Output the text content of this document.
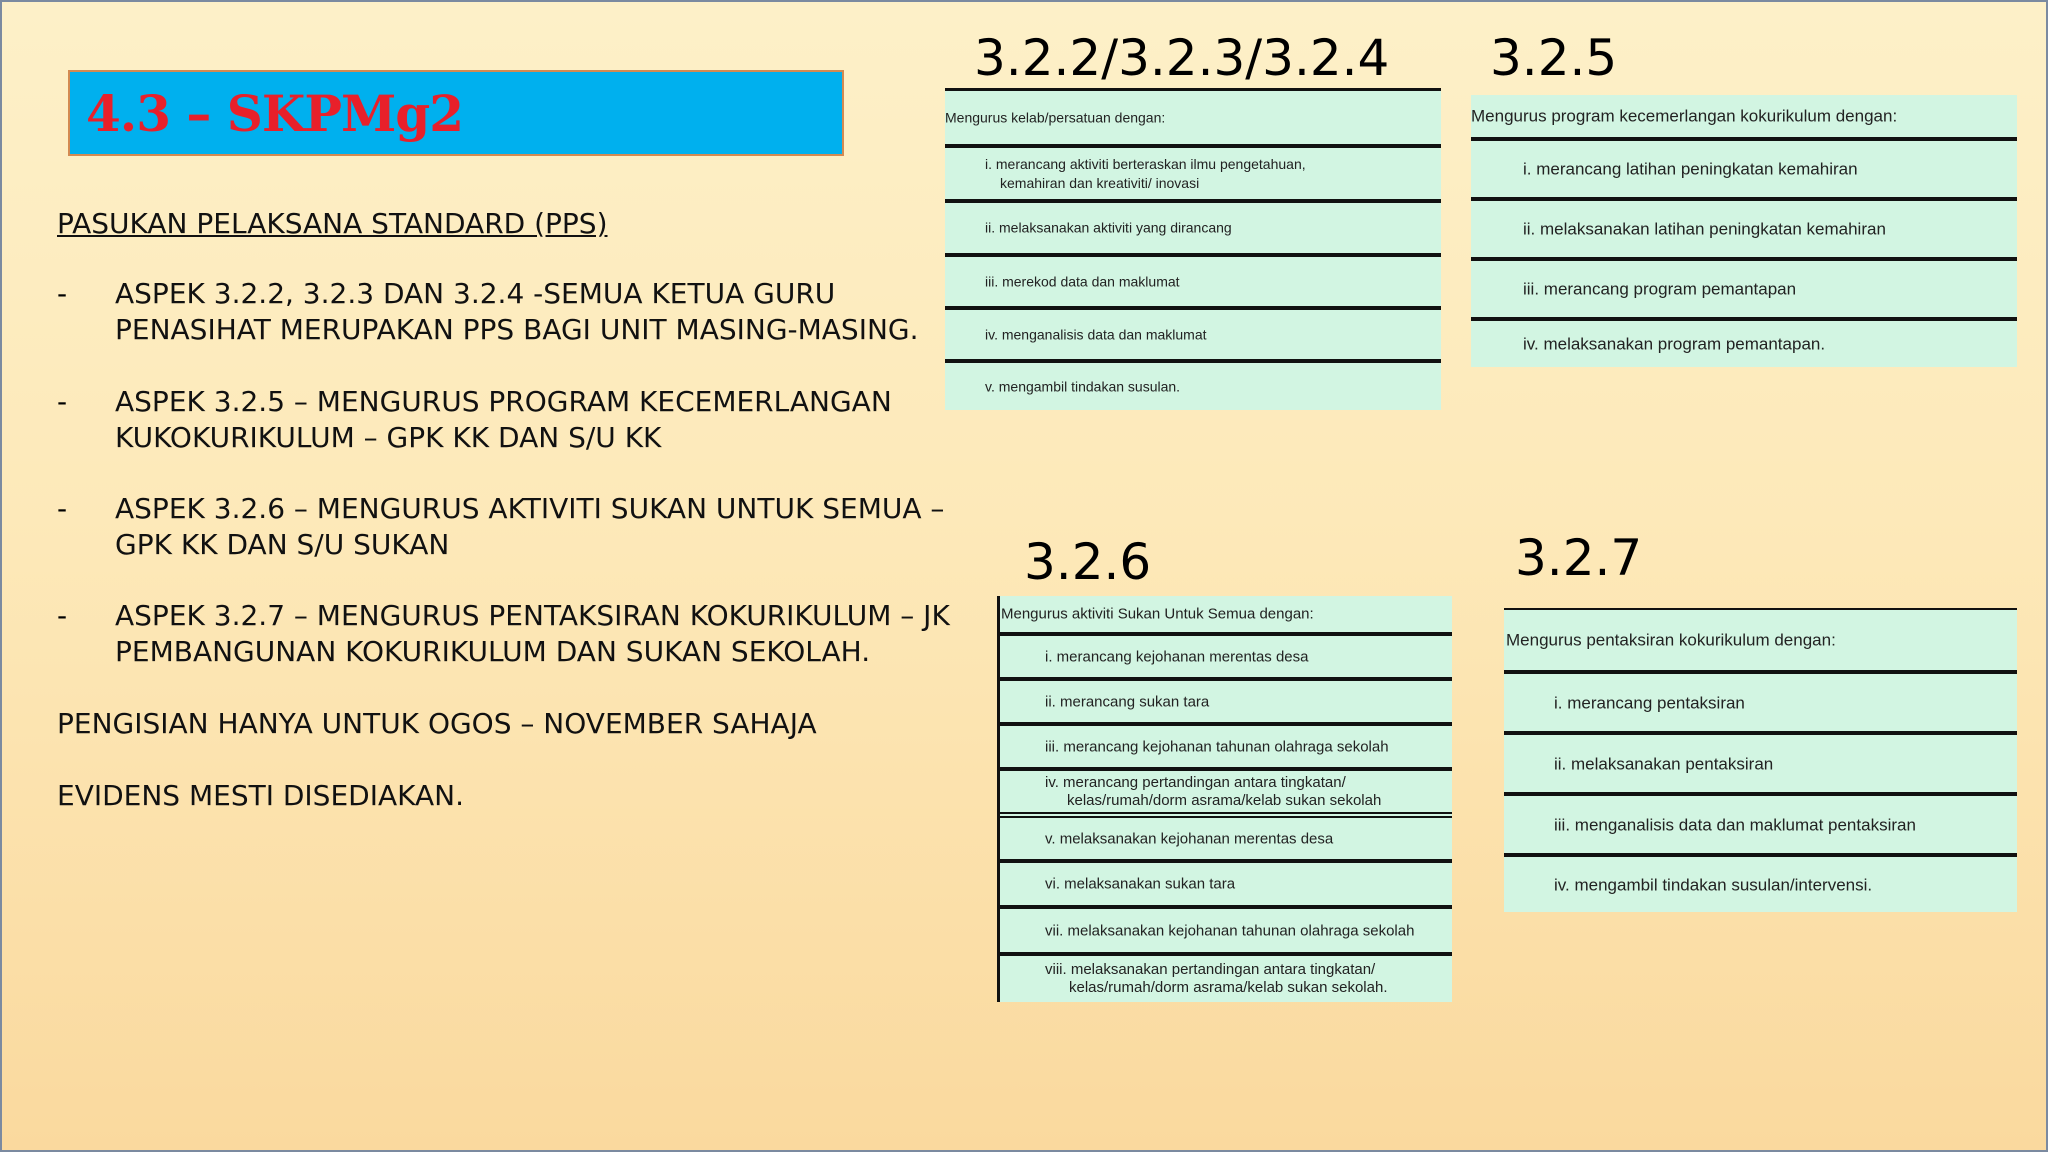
4.3 – SKPMg2
PASUKAN PELAKSANA STANDARD (PPS)
- ASPEK 3.2.2, 3.2.3 DAN 3.2.4 -SEMUA KETUA GURU
PENASIHAT MERUPAKAN PPS BAGI UNIT MASING-MASING.
- ASPEK 3.2.5 – MENGURUS PROGRAM KECEMERLANGAN
KUKOKURIKULUM – GPK KK DAN S/U KK
- ASPEK 3.2.6 – MENGURUS AKTIVITI SUKAN UNTUK SEMUA –
GPK KK DAN S/U SUKAN
- ASPEK 3.2.7 – MENGURUS PENTAKSIRAN KOKURIKULUM – JK
PEMBANGUNAN KOKURIKULUM DAN SUKAN SEKOLAH.
PENGISIAN HANYA UNTUK OGOS – NOVEMBER SAHAJA
EVIDENS MESTI DISEDIAKAN.
3.2.2/3.2.3/3.2.4
Mengurus kelab/persatuan dengan:
i. merancang aktiviti berteraskan ilmu pengetahuan,
kemahiran dan kreativiti/ inovasi
ii. melaksanakan aktiviti yang dirancang
iii. merekod data dan maklumat
iv. menganalisis data dan maklumat
v. mengambil tindakan susulan.
3.2.5
Mengurus program kecemerlangan kokurikulum dengan:
i. merancang latihan peningkatan kemahiran
ii. melaksanakan latihan peningkatan kemahiran
iii. merancang program pemantapan
iv. melaksanakan program pemantapan.
3.2.6
Mengurus aktiviti Sukan Untuk Semua dengan:
i. merancang kejohanan merentas desa
ii. merancang sukan tara
iii. merancang kejohanan tahunan olahraga sekolah
iv. merancang pertandingan antara tingkatan/
kelas/rumah/dorm asrama/kelab sukan sekolah
v. melaksanakan kejohanan merentas desa
vi. melaksanakan sukan tara
vii. melaksanakan kejohanan tahunan olahraga sekolah
viii. melaksanakan pertandingan antara tingkatan/
kelas/rumah/dorm asrama/kelab sukan sekolah.
3.2.7
Mengurus pentaksiran kokurikulum dengan:
i. merancang pentaksiran
ii. melaksanakan pentaksiran
iii. menganalisis data dan maklumat pentaksiran
iv. mengambil tindakan susulan/intervensi.
